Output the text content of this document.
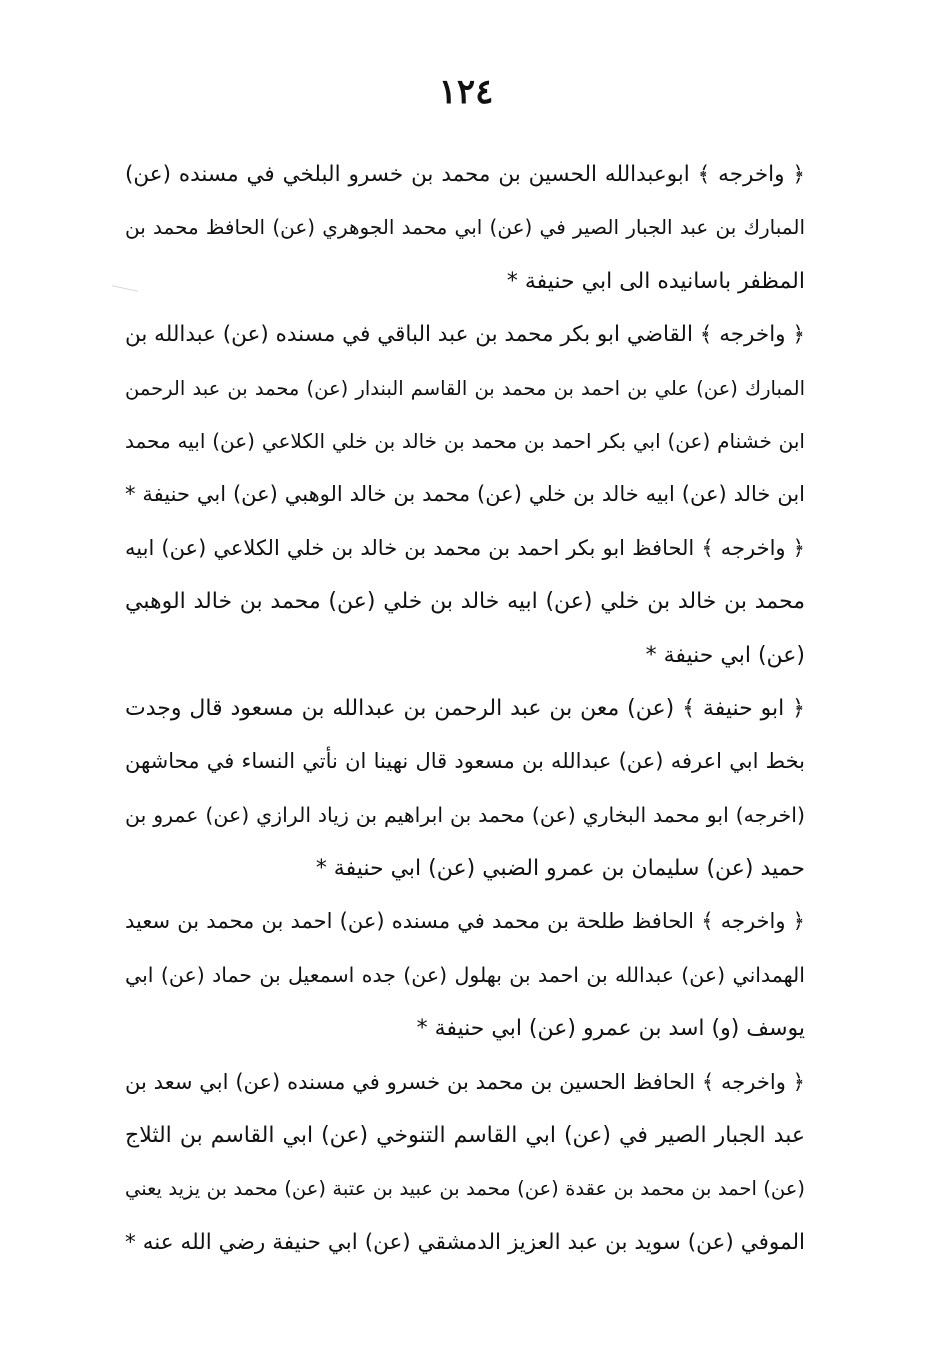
١٢٤
﴿ واخرجه ﴾ ابوعبدالله الحسين بن محمد بن خسرو البلخي في مسنده (عن)
المبارك بن عبد الجبار الصير في (عن) ابي محمد الجوهري (عن) الحافظ محمد بن
المظفر باسانيده الى ابي حنيفة *
﴿ واخرجه ﴾ القاضي ابو بكر محمد بن عبد الباقي في مسنده (عن) عبدالله بن
المبارك (عن) علي بن احمد بن محمد بن القاسم البندار (عن) محمد بن عبد الرحمن
ابن خشنام (عن) ابي بكر احمد بن محمد بن خالد بن خلي الكلاعي (عن) ابيه محمد
ابن خالد (عن) ابيه خالد بن خلي (عن) محمد بن خالد الوهبي (عن) ابي حنيفة *
﴿ واخرجه ﴾ الحافظ ابو بكر احمد بن محمد بن خالد بن خلي الكلاعي (عن) ابيه
محمد بن خالد بن خلي (عن) ابيه خالد بن خلي (عن) محمد بن خالد الوهبي
(عن) ابي حنيفة *
﴿ ابو حنيفة ﴾ (عن) معن بن عبد الرحمن بن عبدالله بن مسعود قال وجدت
بخط ابي اعرفه (عن) عبدالله بن مسعود قال نهينا ان نأتي النساء في محاشهن
(اخرجه) ابو محمد البخاري (عن) محمد بن ابراهيم بن زياد الرازي (عن) عمرو بن
حميد (عن) سليمان بن عمرو الضبي (عن) ابي حنيفة *
﴿ واخرجه ﴾ الحافظ طلحة بن محمد في مسنده (عن) احمد بن محمد بن سعيد
الهمداني (عن) عبدالله بن احمد بن بهلول (عن) جده اسمعيل بن حماد (عن) ابي
يوسف (و) اسد بن عمرو (عن) ابي حنيفة *
﴿ واخرجه ﴾ الحافظ الحسين بن محمد بن خسرو في مسنده (عن) ابي سعد بن
عبد الجبار الصير في (عن) ابي القاسم التنوخي (عن) ابي القاسم بن الثلاج
(عن) احمد بن محمد بن عقدة (عن) محمد بن عبيد بن عتبة (عن) محمد بن يزيد يعني
الموفي (عن) سويد بن عبد العزيز الدمشقي (عن) ابي حنيفة رضي الله عنه *
